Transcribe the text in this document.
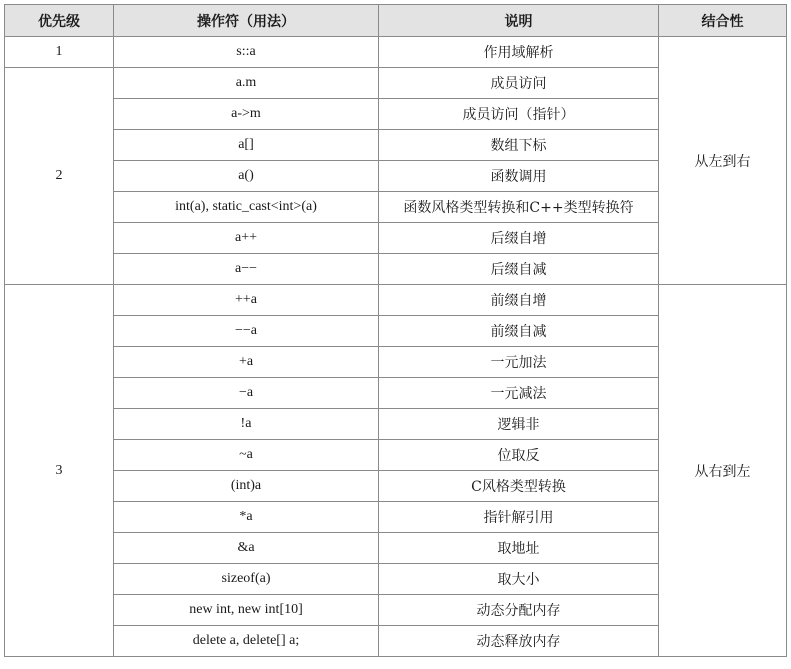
优先级	操作符（用法）	说明	结合性
1	s::a	作用域解析	从左到右
2	a.m	成员访问	
	a->m	成员访问（指针）	
	a[]	数组下标	
	a()	函数调用	
	int(a), static_cast<int>(a)	函数风格类型转换和C++类型转换符	
	a++	后缀自增	
	a−−	后缀自减	
3	++a	前缀自增	从右到左
	−−a	前缀自减	
	+a	一元加法	
	−a	一元减法	
	!a	逻辑非	
	~a	位取反	
	(int)a	C风格类型转换	
	*a	指针解引用	
	&a	取地址	
	sizeof(a)	取大小	
	new int, new int[10]	动态分配内存	
	delete a, delete[] a;	动态释放内存	
